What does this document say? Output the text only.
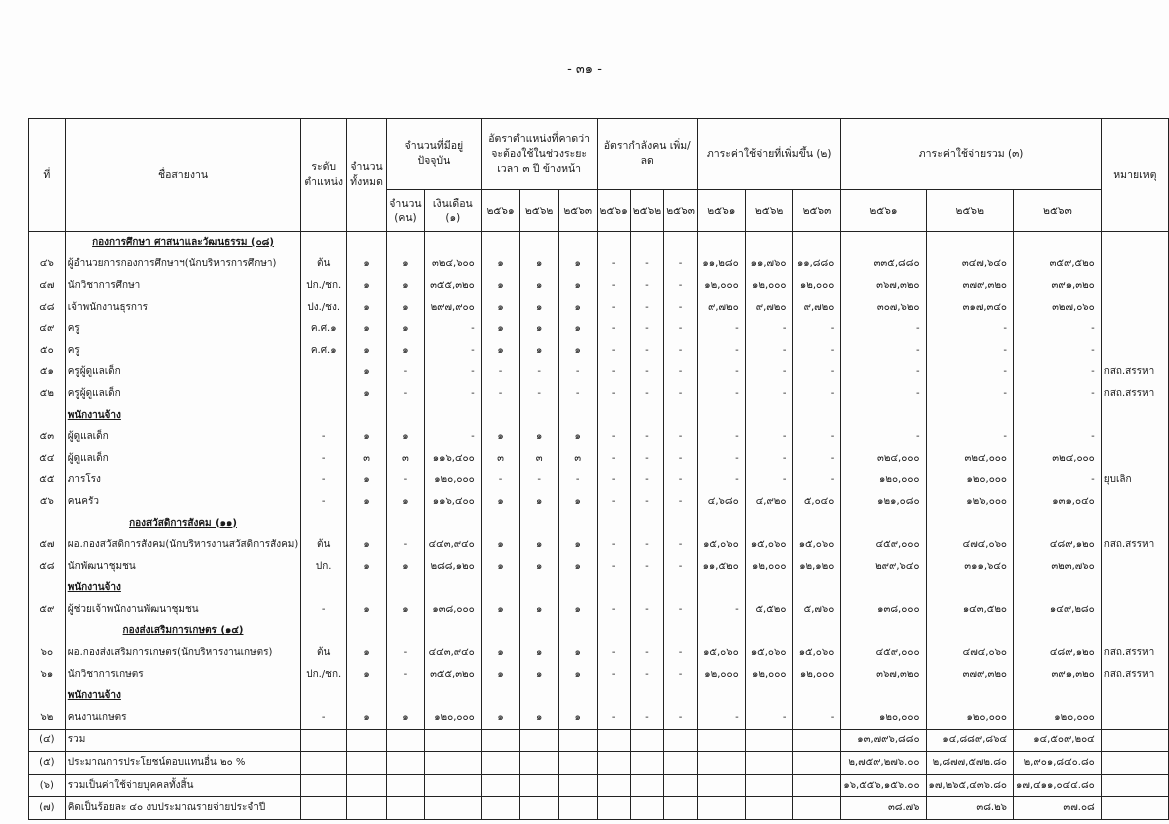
- ๓๑ -
ที่	ชื่อสายงาน	ระดับตำแหน่ง	จำนวนทั้งหมด	จำนวนที่มีอยู่ปัจจุบัน		อัตราตำแหน่งที่คาดว่าจะต้องใช้ในช่วงระยะเวลา ๓ ปี ข้างหน้า			อัตรากำลังคน เพิ่ม/ลด			ภาระค่าใช้จ่ายที่เพิ่มขึ้น (๒)			ภาระค่าใช้จ่ายรวม (๓)			หมายเหตุ
				จำนวน (คน)	เงินเดือน (๑)	๒๕๖๑	๒๕๖๒	๒๕๖๓	๒๕๖๑	๒๕๖๒	๒๕๖๓	๒๕๖๑	๒๕๖๒	๒๕๖๓	๒๕๖๑	๒๕๖๒	๒๕๖๓	
	กองการศึกษา ศาสนาและวัฒนธรรม (๐๘)																	
๔๖	ผู้อำนวยการกองการศึกษาฯ(นักบริหารการศึกษา)	ต้น	๑	๑	๓๒๔,๖๐๐	๑	๑	๑	-	-	-	๑๑,๒๘๐	๑๑,๗๖๐	๑๑,๘๘๐	๓๓๕,๘๘๐	๓๔๗,๖๔๐	๓๕๙,๕๒๐	
๔๗	นักวิชาการศึกษา	ปก./ชก.	๑	๑	๓๕๕,๓๒๐	๑	๑	๑	-	-	-	๑๒,๐๐๐	๑๒,๐๐๐	๑๒,๐๐๐	๓๖๗,๓๒๐	๓๗๙,๓๒๐	๓๙๑,๓๒๐	
๔๘	เจ้าพนักงานธุรการ	ปง./ชง.	๑	๑	๒๙๗,๙๐๐	๑	๑	๑	-	-	-	๙,๗๒๐	๙,๗๒๐	๙,๗๒๐	๓๐๗,๖๒๐	๓๑๗,๓๔๐	๓๒๗,๐๖๐	
๔๙	ครู	ค.ศ.๑	๑	๑	-	๑	๑	๑	-	-	-	-	-	-	-	-	-	
๕๐	ครู	ค.ศ.๑	๑	๑	-	๑	๑	๑	-	-	-	-	-	-	-	-	-	
๕๑	ครูผู้ดูแลเด็ก		๑	-	-	-	-	-	-	-	-	-	-	-	-	-	-	กสถ.สรรหา
๕๒	ครูผู้ดูแลเด็ก		๑	-	-	-	-	-	-	-	-	-	-	-	-	-	-	กสถ.สรรหา
	พนักงานจ้าง																	
๕๓	ผู้ดูแลเด็ก	-	๑	๑	-	๑	๑	๑	-	-	-	-	-	-	-	-	-	
๕๔	ผู้ดูแลเด็ก	-	๓	๓	๑๑๖,๔๐๐	๓	๓	๓	-	-	-	-	-	-	๓๒๔,๐๐๐	๓๒๔,๐๐๐	๓๒๔,๐๐๐	
๕๕	ภารโรง	-	๑	-	๑๒๐,๐๐๐	-	-	-	-	-	-	-	-	-	๑๒๐,๐๐๐	๑๒๐,๐๐๐	-	ยุบเลิก
๕๖	คนครัว	-	๑	๑	๑๑๖,๔๐๐	๑	๑	๑	-	-	-	๔,๖๘๐	๔,๙๒๐	๕,๐๔๐	๑๒๑,๐๘๐	๑๒๖,๐๐๐	๑๓๑,๐๔๐	
	กองสวัสดิการสังคม (๑๑)																	
๕๗	ผอ.กองสวัสดิการสังคม(นักบริหารงานสวัสดิการสังคม)	ต้น	๑	-	๔๔๓,๙๔๐	๑	๑	๑	-	-	-	๑๕,๐๖๐	๑๕,๐๖๐	๑๕,๐๖๐	๔๕๙,๐๐๐	๔๗๔,๐๖๐	๔๘๙,๑๒๐	กสถ.สรรหา
๕๘	นักพัฒนาชุมชน	ปก.	๑	๑	๒๘๘,๑๒๐	๑	๑	๑	-	-	-	๑๑,๕๒๐	๑๒,๐๐๐	๑๒,๑๒๐	๒๙๙,๖๔๐	๓๑๑,๖๔๐	๓๒๓,๗๖๐	
	พนักงานจ้าง																	
๕๙	ผู้ช่วยเจ้าพนักงานพัฒนาชุมชน	-	๑	๑	๑๓๘,๐๐๐	๑	๑	๑	-	-	-	-	๕,๕๒๐	๕,๗๖๐	๑๓๘,๐๐๐	๑๔๓,๕๒๐	๑๔๙,๒๘๐	
	กองส่งเสริมการเกษตร (๑๔)																	
๖๐	ผอ.กองส่งเสริมการเกษตร(นักบริหารงานเกษตร)	ต้น	๑	-	๔๔๓,๙๔๐	๑	๑	๑	-	-	-	๑๕,๐๖๐	๑๕,๐๖๐	๑๕,๐๖๐	๔๕๙,๐๐๐	๔๗๔,๐๖๐	๔๘๙,๑๒๐	กสถ.สรรหา
๖๑	นักวิชาการเกษตร	ปก./ชก.	๑	-	๓๕๕,๓๒๐	๑	๑	๑	-	-	-	๑๒,๐๐๐	๑๒,๐๐๐	๑๒,๐๐๐	๓๖๗,๓๒๐	๓๗๙,๓๒๐	๓๙๑,๓๒๐	กสถ.สรรหา
	พนักงานจ้าง																	
๖๒	คนงานเกษตร	-	๑	๑	๑๒๐,๐๐๐	๑	๑	๑	-	-	-	-	-	-	๑๒๐,๐๐๐	๑๒๐,๐๐๐	๑๒๐,๐๐๐	
(๔)	รวม														๑๓,๗๙๖,๘๘๐	๑๔,๘๘๙,๘๖๔	๑๔,๕๐๙,๒๐๔	
(๕)	ประมาณการประโยชน์ตอบแทนอื่น ๒๐ %														๒,๗๕๙,๒๗๖.๐๐	๒,๘๗๗,๕๗๒.๘๐	๒,๙๐๑,๘๔๐.๘๐	
(๖)	รวมเป็นค่าใช้จ่ายบุคคลทั้งสิ้น														๑๖,๕๕๖,๑๕๖.๐๐	๑๗,๒๖๕,๔๓๖.๘๐	๑๗,๔๑๑,๐๔๔.๘๐	
(๗)	คิดเป็นร้อยละ ๔๐ งบประมาณรายจ่ายประจำปี														๓๘.๗๖	๓๘.๒๖	๓๗.๐๘	
